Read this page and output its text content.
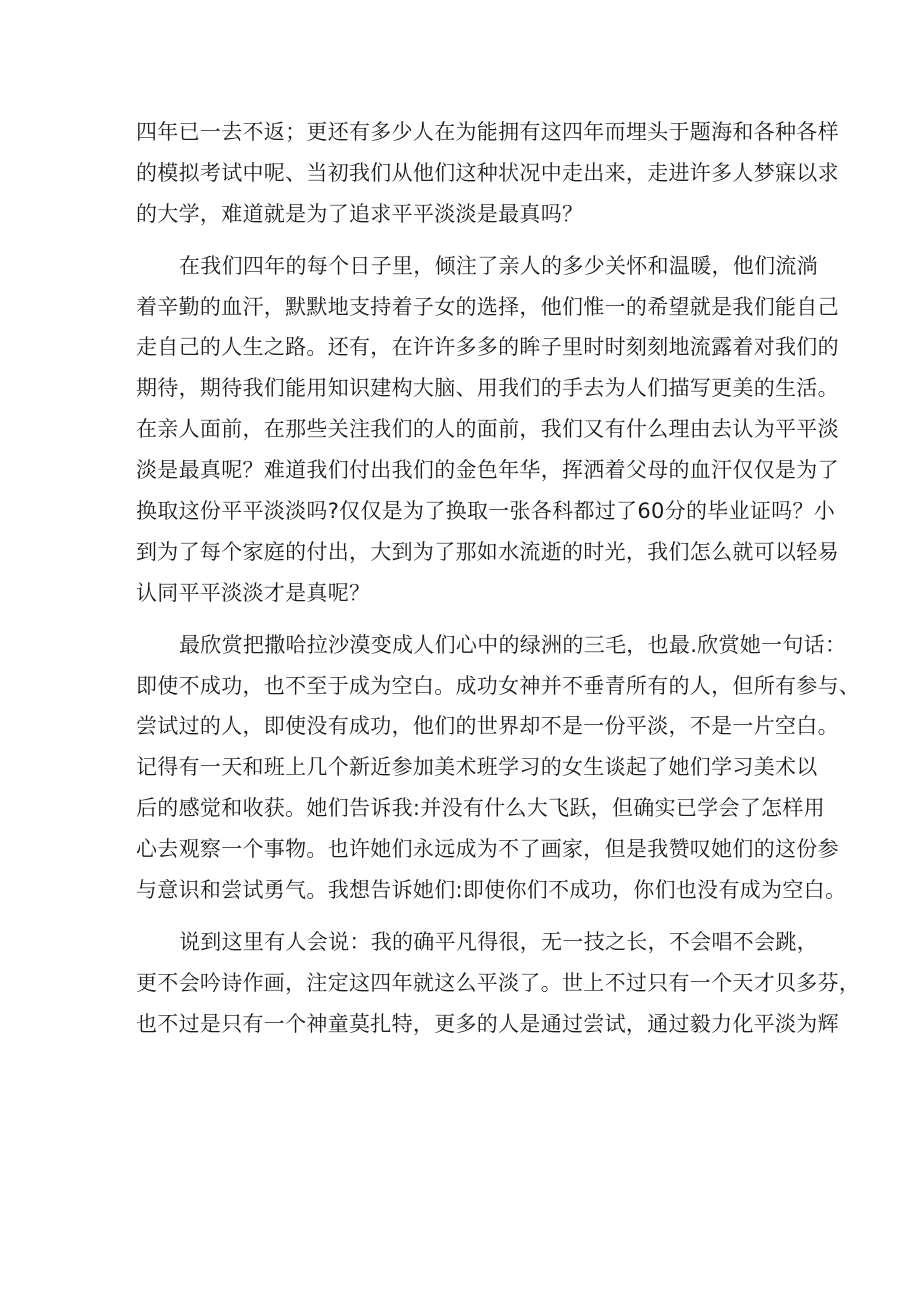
四年已一去不返；更还有多少人在为能拥有这四年而埋头于题海和各种各样
的模拟考试中呢、当初我们从他们这种状况中走出来，走进许多人梦寐以求
的大学，难道就是为了追求平平淡淡是最真吗？
在我们四年的每个日子里，倾注了亲人的多少关怀和温暖，他们流淌
着辛勤的血汗，默默地支持着子女的选择，他们惟一的希望就是我们能自己
走自己的人生之路。还有，在许许多多的眸子里时时刻刻地流露着对我们的
期待，期待我们能用知识建构大脑、用我们的手去为人们描写更美的生活。
在亲人面前，在那些关注我们的人的面前，我们又有什么理由去认为平平淡
淡是最真呢？难道我们付出我们的金色年华，挥洒着父母的血汗仅仅是为了
换取这份平平淡淡吗?仅仅是为了换取一张各科都过了60分的毕业证吗？小
到为了每个家庭的付出，大到为了那如水流逝的时光，我们怎么就可以轻易
认同平平淡淡才是真呢？
最欣赏把撒哈拉沙漠变成人们心中的绿洲的三毛，也最.欣赏她一句话：
即使不成功，也不至于成为空白。成功女神并不垂青所有的人，但所有参与、
尝试过的人，即使没有成功，他们的世界却不是一份平淡，不是一片空白。
记得有一天和班上几个新近参加美术班学习的女生谈起了她们学习美术以
后的感觉和收获。她们告诉我:并没有什么大飞跃，但确实已学会了怎样用
心去观察一个事物。也许她们永远成为不了画家，但是我赞叹她们的这份参
与意识和尝试勇气。我想告诉她们:即使你们不成功，你们也没有成为空白。
说到这里有人会说：我的确平凡得很，无一技之长，不会唱不会跳，
更不会吟诗作画，注定这四年就这么平淡了。世上不过只有一个天才贝多芬，
也不过是只有一个神童莫扎特，更多的人是通过尝试，通过毅力化平淡为辉
